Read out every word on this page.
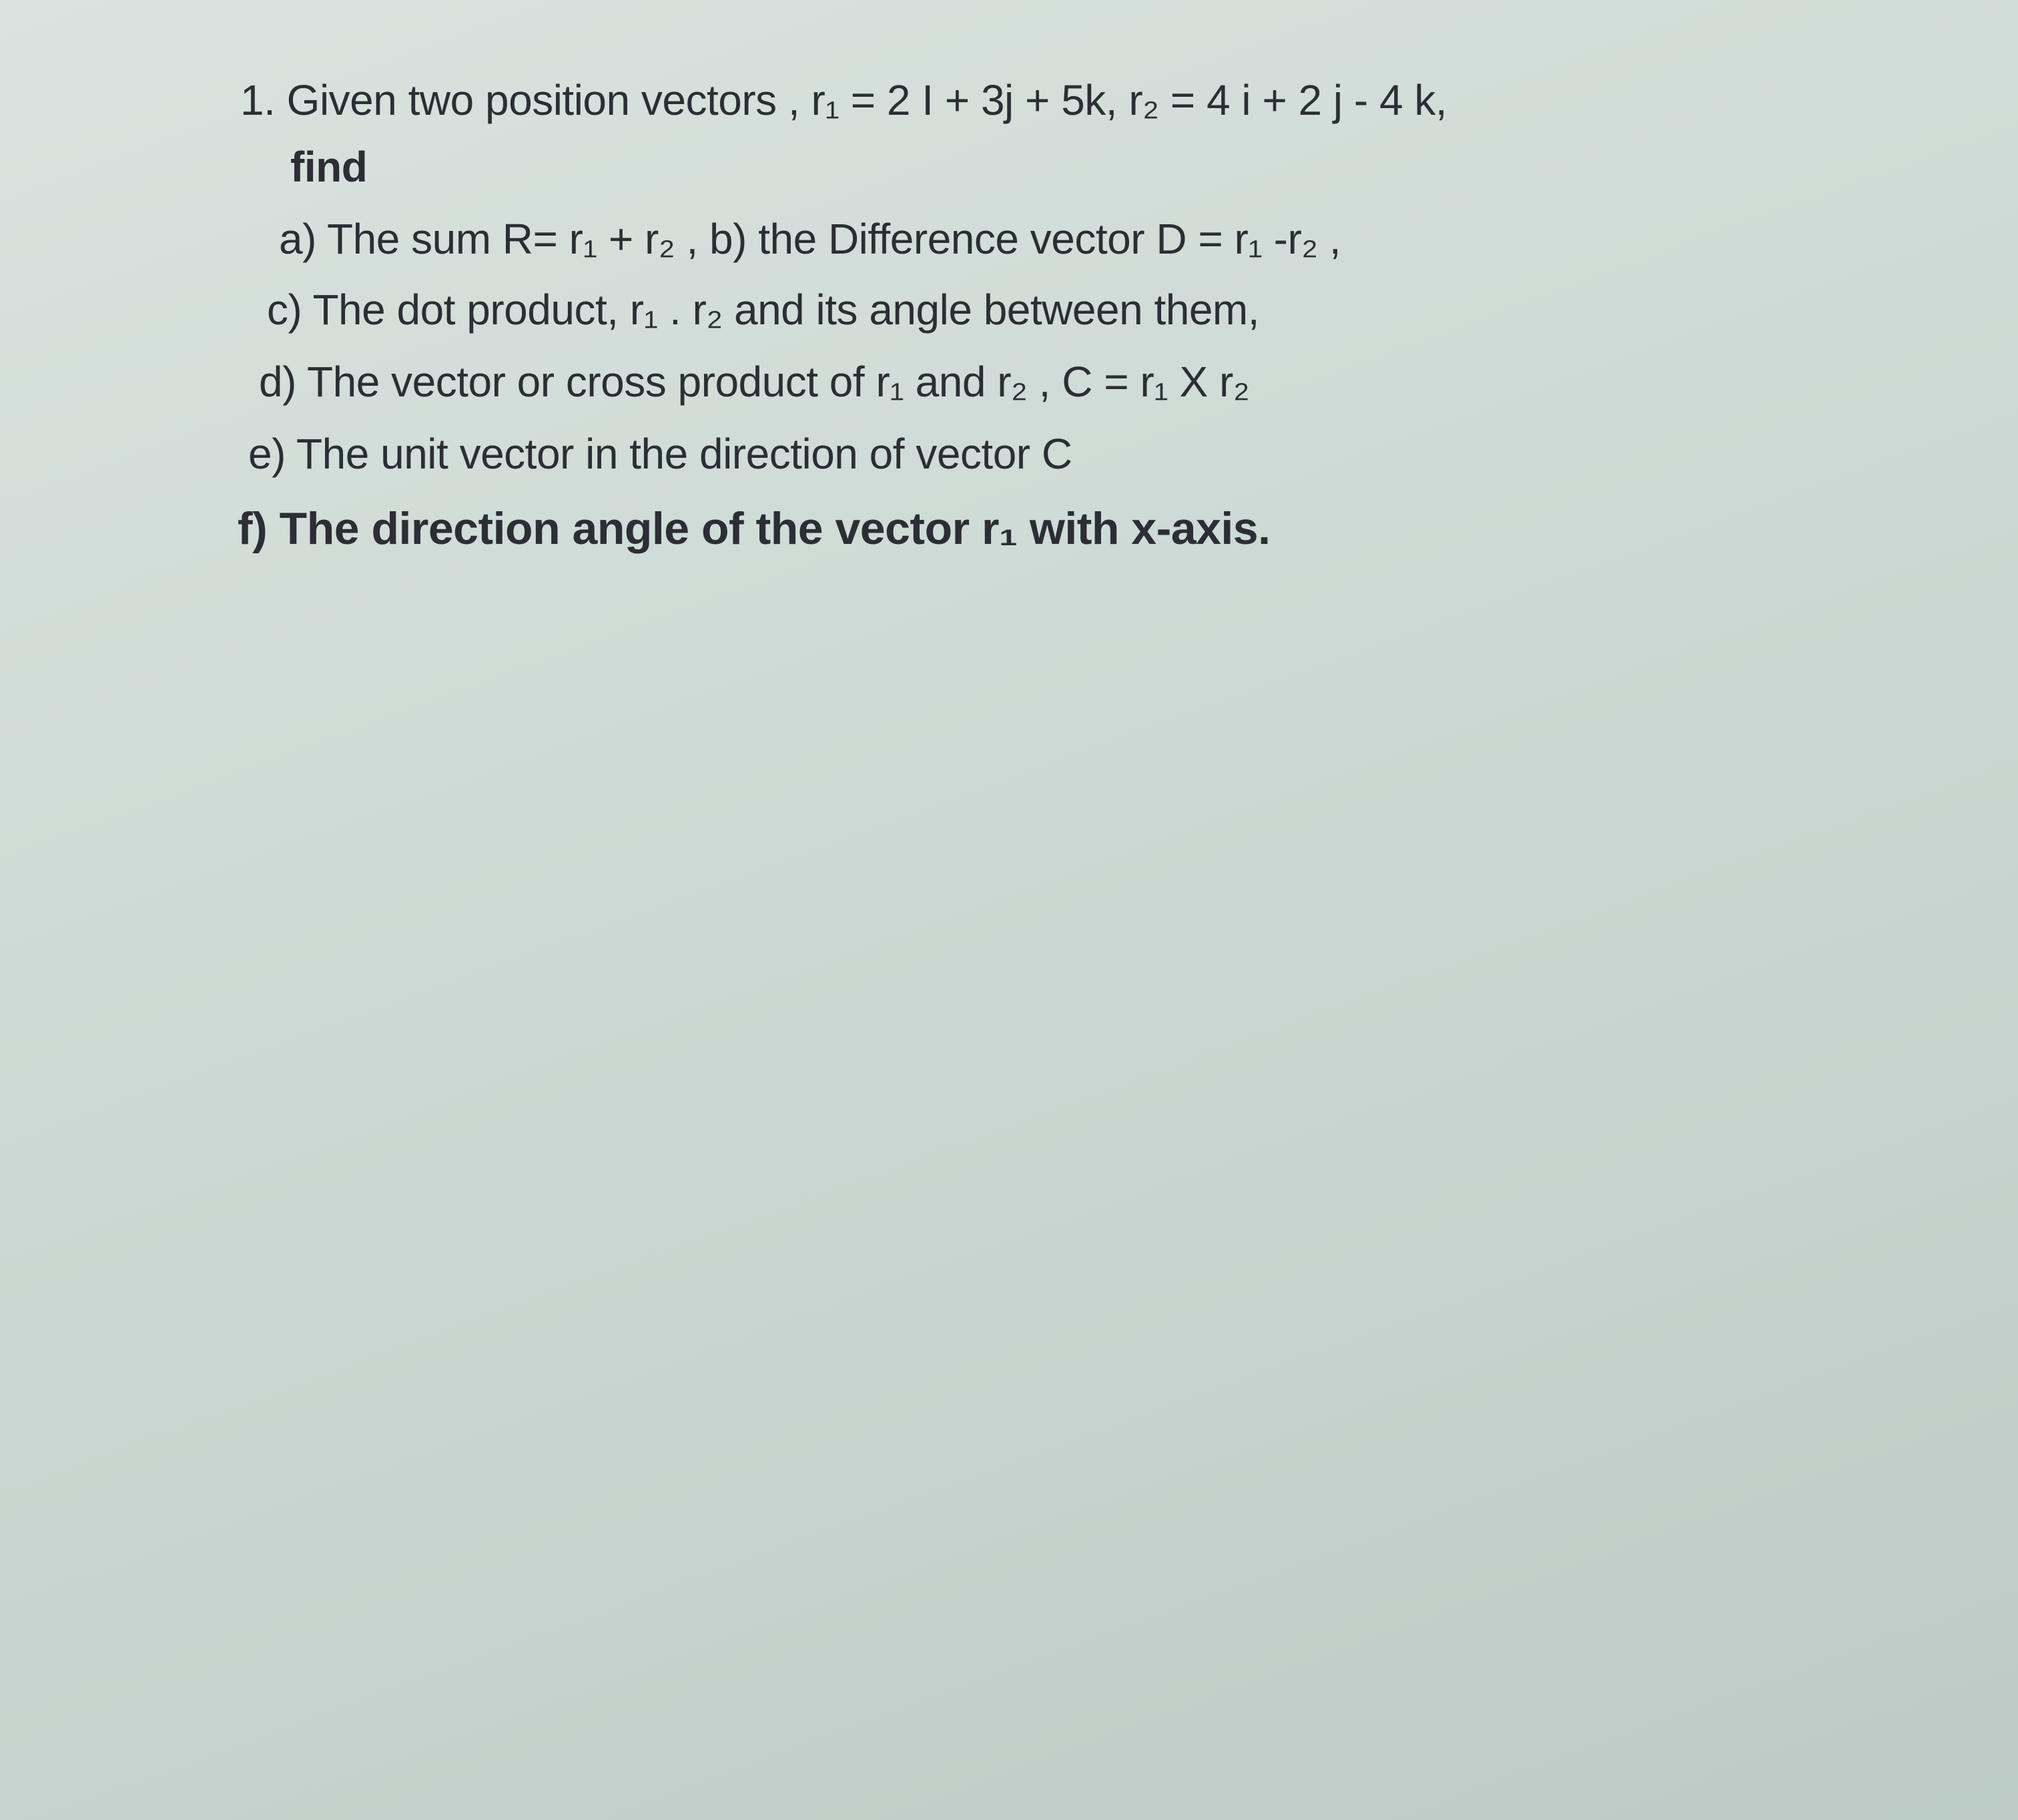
1. Given two position vectors , r₁ = 2 I + 3j + 5k, r₂ = 4 i + 2 j - 4 k,
find
a) The sum R= r₁ + r₂ , b) the Difference vector D = r₁ -r₂ ,
c) The dot product, r₁ . r₂ and its angle between them,
d) The vector or cross product of r₁ and r₂ , C = r₁ X r₂
e) The unit vector in the direction of vector C
f) The direction angle of the vector r₁ with x-axis.
